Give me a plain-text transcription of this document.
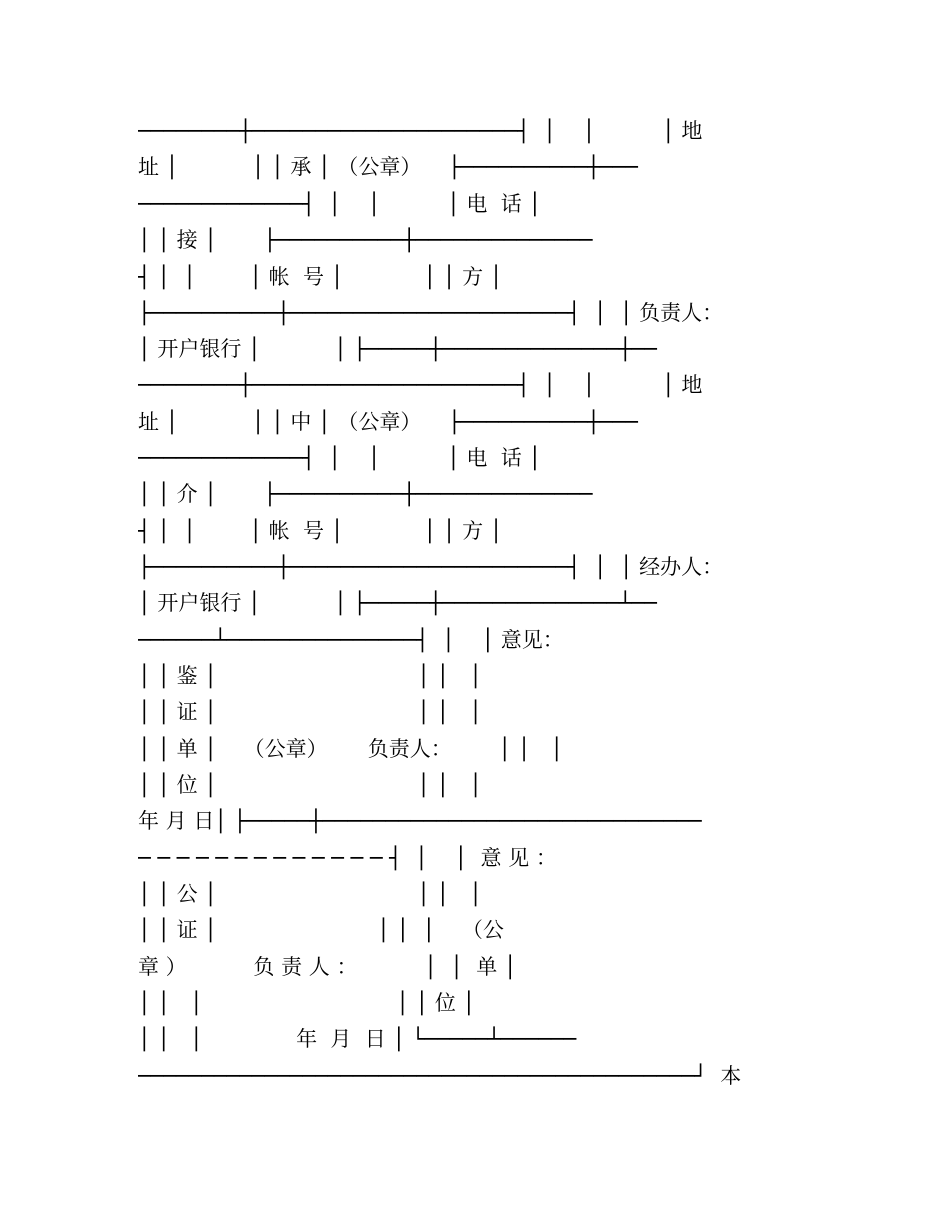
────────┼─────────────────────┤  │    │          │ 地
址 │           │ │ 承 │ （公章）    ├──────────┼───
─────────────┤  │    │          │ 电  话 │
│ │ 接 │       ├──────────┼──────────────
┤ │  │        │ 帐  号 │            │ │ 方 │
├──────────┼──────────────────────┤  │  │ 负责人：
│ 开户银行 │           │ ├─────┼──────────────┼──
────────┼─────────────────────┤  │    │          │ 地
址 │           │ │ 中 │ （公章）    ├──────────┼───
─────────────┤  │    │          │ 电  话 │
│ │ 介 │       ├──────────┼──────────────
┤ │  │        │ 帐  号 │            │ │ 方 │
├──────────┼──────────────────────┤  │  │ 经办人：
│ 开户银行 │           │ ├─────┼──────────────┴──
──────┴───────────────┤  │    │ 意见：
│ │ 鉴 │                              │ │   │
│ │ 证 │                              │ │   │
│ │ 单 │    （公章）      负责人：       │ │   │
│ │ 位 │                              │ │   │
年 月 日│ ├─────┼──────────────────────────────
─ ─ ─ ─ ─ ─ ─ ─ ─ ─ ─ ─ ─ ┤  │    │  意 见 ：
│ │ 公 │                              │ │   │
│ │ 证 │                        │ │  │    （公
章 ）          负 责 人 ：          │  │  单 │
│ │   │                             │ │ 位 │
│ │   │              年  月  日 │ └─────┴──────
────────────────────────────────────────────┘  本
